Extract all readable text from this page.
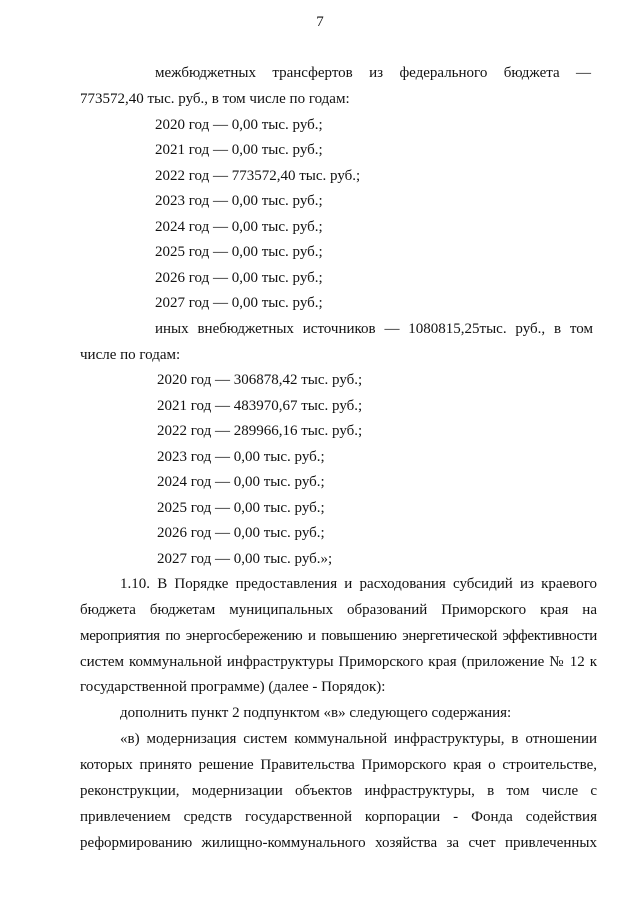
7
межбюджетных трансфертов из федерального бюджета —
773572,40 тыс. руб., в том числе по годам:
2020 год — 0,00 тыс. руб.;
2021 год — 0,00 тыс. руб.;
2022 год — 773572,40 тыс. руб.;
2023 год — 0,00 тыс. руб.;
2024 год — 0,00 тыс. руб.;
2025 год — 0,00 тыс. руб.;
2026 год — 0,00 тыс. руб.;
2027 год — 0,00 тыс. руб.;
иных внебюджетных источников — 1080815,25тыс. руб., в том
числе по годам:
2020 год — 306878,42 тыс. руб.;
2021 год — 483970,67 тыс. руб.;
2022 год — 289966,16 тыс. руб.;
2023 год — 0,00 тыс. руб.;
2024 год — 0,00 тыс. руб.;
2025 год — 0,00 тыс. руб.;
2026 год — 0,00 тыс. руб.;
2027 год — 0,00 тыс. руб.»;
1.10. В Порядке предоставления и расходования субсидий из краевого
бюджета бюджетам муниципальных образований Приморского края на
мероприятия по энергосбережению и повышению энергетической эффективности
систем коммунальной инфраструктуры Приморского края (приложение № 12 к
государственной программе) (далее - Порядок):
дополнить пункт 2 подпунктом «в» следующего содержания:
«в) модернизация систем коммунальной инфраструктуры, в отношении
которых принято решение Правительства Приморского края о строительстве,
реконструкции, модернизации объектов инфраструктуры, в том числе с
привлечением средств государственной корпорации - Фонда содействия
реформированию жилищно-коммунального хозяйства за счет привлеченных
